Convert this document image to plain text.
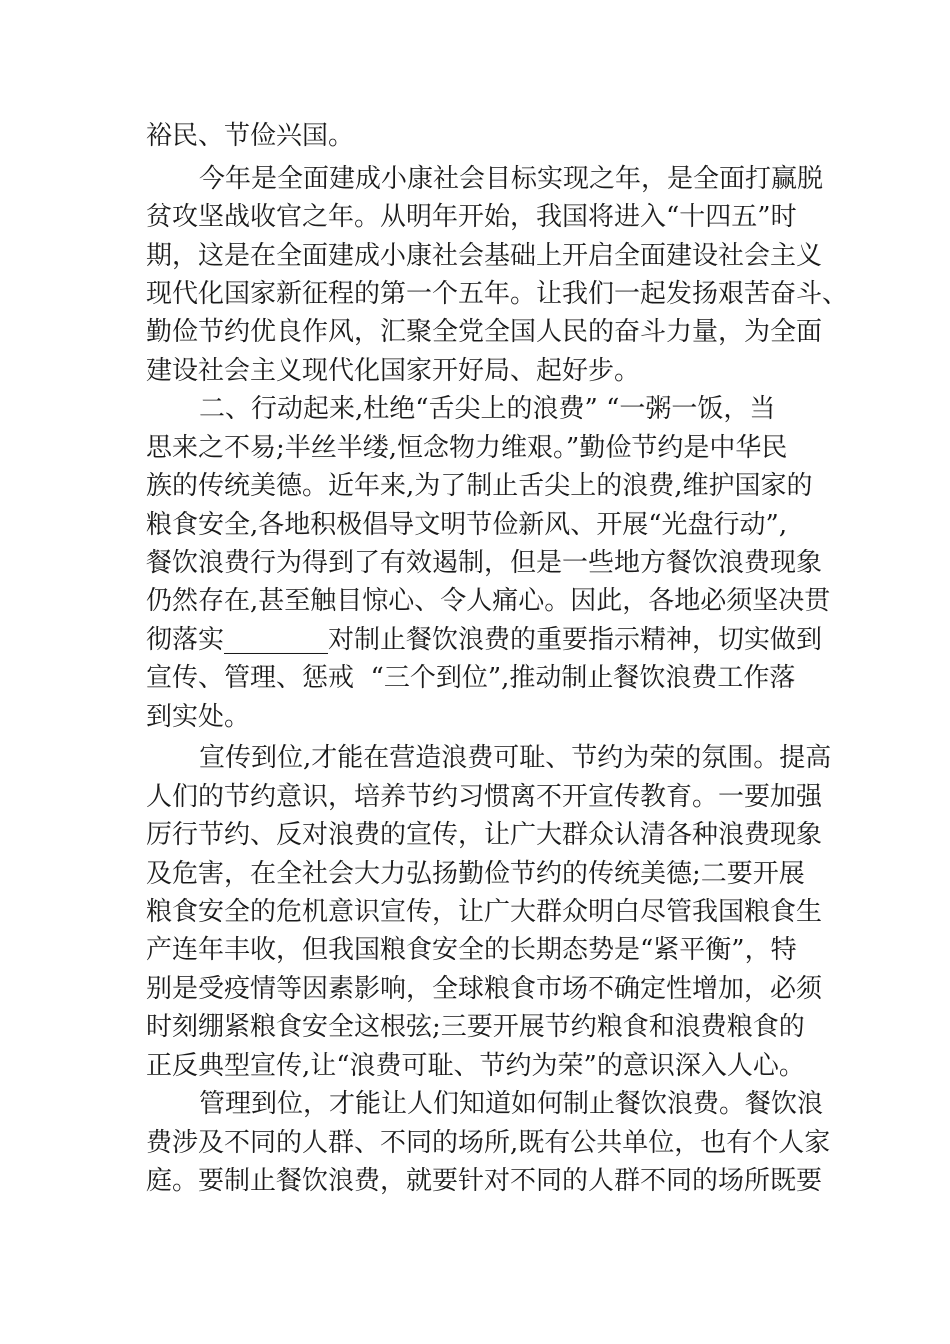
裕民、节俭兴国。
今年是全面建成小康社会目标实现之年，是全面打赢脱
贫攻坚战收官之年。从明年开始，我国将进入“十四五”时
期，这是在全面建成小康社会基础上开启全面建设社会主义
现代化国家新征程的第一个五年。让我们一起发扬艰苦奋斗、
勤俭节约优良作风，汇聚全党全国人民的奋斗力量，为全面
建设社会主义现代化国家开好局、起好步。
二、行动起来,杜绝“舌尖上的浪费” “一粥一饭，当
思来之不易;半丝半缕,恒念物力维艰。”勤俭节约是中华民
族的传统美德。近年来,为了制止舌尖上的浪费,维护国家的
粮食安全,各地积极倡导文明节俭新风、开展“光盘行动”,
餐饮浪费行为得到了有效遏制，但是一些地方餐饮浪费现象
仍然存在,甚至触目惊心、令人痛心。因此，各地必须坚决贯
彻落实________对制止餐饮浪费的重要指示精神，切实做到
宣传、管理、惩戒  “三个到位”,推动制止餐饮浪费工作落
到实处。
宣传到位,才能在营造浪费可耻、节约为荣的氛围。提高
人们的节约意识，培养节约习惯离不开宣传教育。一要加强
厉行节约、反对浪费的宣传，让广大群众认清各种浪费现象
及危害，在全社会大力弘扬勤俭节约的传统美德;二要开展
粮食安全的危机意识宣传，让广大群众明白尽管我国粮食生
产连年丰收，但我国粮食安全的长期态势是“紧平衡”，特
别是受疫情等因素影响，全球粮食市场不确定性增加，必须
时刻绷紧粮食安全这根弦;三要开展节约粮食和浪费粮食的
正反典型宣传,让“浪费可耻、节约为荣”的意识深入人心。
管理到位，才能让人们知道如何制止餐饮浪费。餐饮浪
费涉及不同的人群、不同的场所,既有公共单位，也有个人家
庭。要制止餐饮浪费，就要针对不同的人群不同的场所既要
